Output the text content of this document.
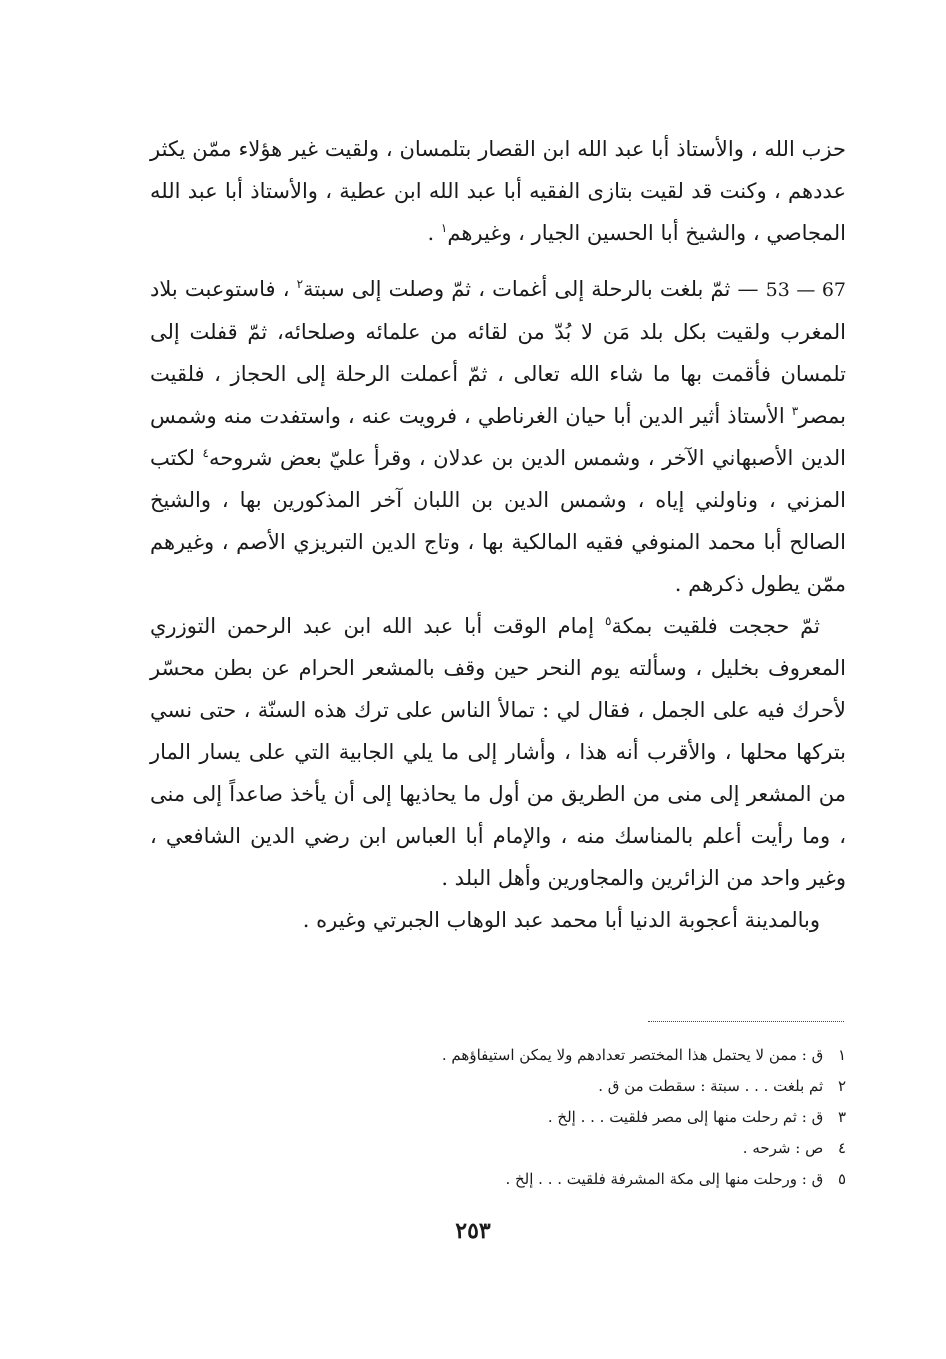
حزب الله ، والأستاذ أبا عبد الله ابن القصار بتلمسان ، ولقيت غير هؤلاء ممّن يكثر عددهم ، وكنت قد لقيت بتازى الفقيه أبا عبد الله ابن عطية ، والأستاذ أبا عبد الله المجاصي ، والشيخ أبا الحسين الجيار ، وغيرهم$^١$ .

53 — 67 — ثمّ بلغت بالرحلة إلى أغمات ، ثمّ وصلت إلى سبتة$^٢$ ، فاستوعبت بلاد المغرب ولقيت بكل بلد مَن لا بُدّ من لقائه من علمائه وصلحائه، ثمّ قفلت إلى تلمسان فأقمت بها ما شاء الله تعالى ، ثمّ أعملت الرحلة إلى الحجاز ، فلقيت بمصر$^٣$ الأستاذ أثير الدين أبا حيان الغرناطي ، فرويت عنه ، واستفدت منه وشمس الدين الأصبهاني الآخر ، وشمس الدين بن عدلان ، وقرأ عليّ بعض شروحه$^٤$ لكتب المزني ، وناولني إياه ، وشمس الدين بن اللبان آخر المذكورين بها ، والشيخ الصالح أبا محمد المنوفي فقيه المالكية بها ، وتاج الدين التبريزي الأصم ، وغيرهم ممّن يطول ذكرهم .

ثمّ حججت فلقيت بمكة$^٥$ إمام الوقت أبا عبد الله ابن عبد الرحمن التوزري المعروف بخليل ، وسألته يوم النحر حين وقف بالمشعر الحرام عن بطن محسّر لأحرك فيه على الجمل ، فقال لي : تمالأ الناس على ترك هذه السنّة ، حتى نسي بتركها محلها ، والأقرب أنه هذا ، وأشار إلى ما يلي الجابية التي على يسار المار من المشعر إلى منى من الطريق من أول ما يحاذيها إلى أن يأخذ صاعداً إلى منى ، وما رأيت أعلم بالمناسك منه ، والإمام أبا العباس ابن رضي الدين الشافعي ، وغير واحد من الزائرين والمجاورين وأهل البلد .

وبالمدينة أعجوبة الدنيا أبا محمد عبد الوهاب الجبرتي وغيره .

١ ق : ممن لا يحتمل هذا المختصر تعدادهم ولا يمكن استيفاؤهم .

٢ ثم بلغت . . . سبتة : سقطت من ق .

٣ ق : ثم رحلت منها إلى مصر فلقيت . . . إلخ .

٤ ص : شرحه .

٥ ق : ورحلت منها إلى مكة المشرفة فلقيت . . . إلخ .

٢٥٣
